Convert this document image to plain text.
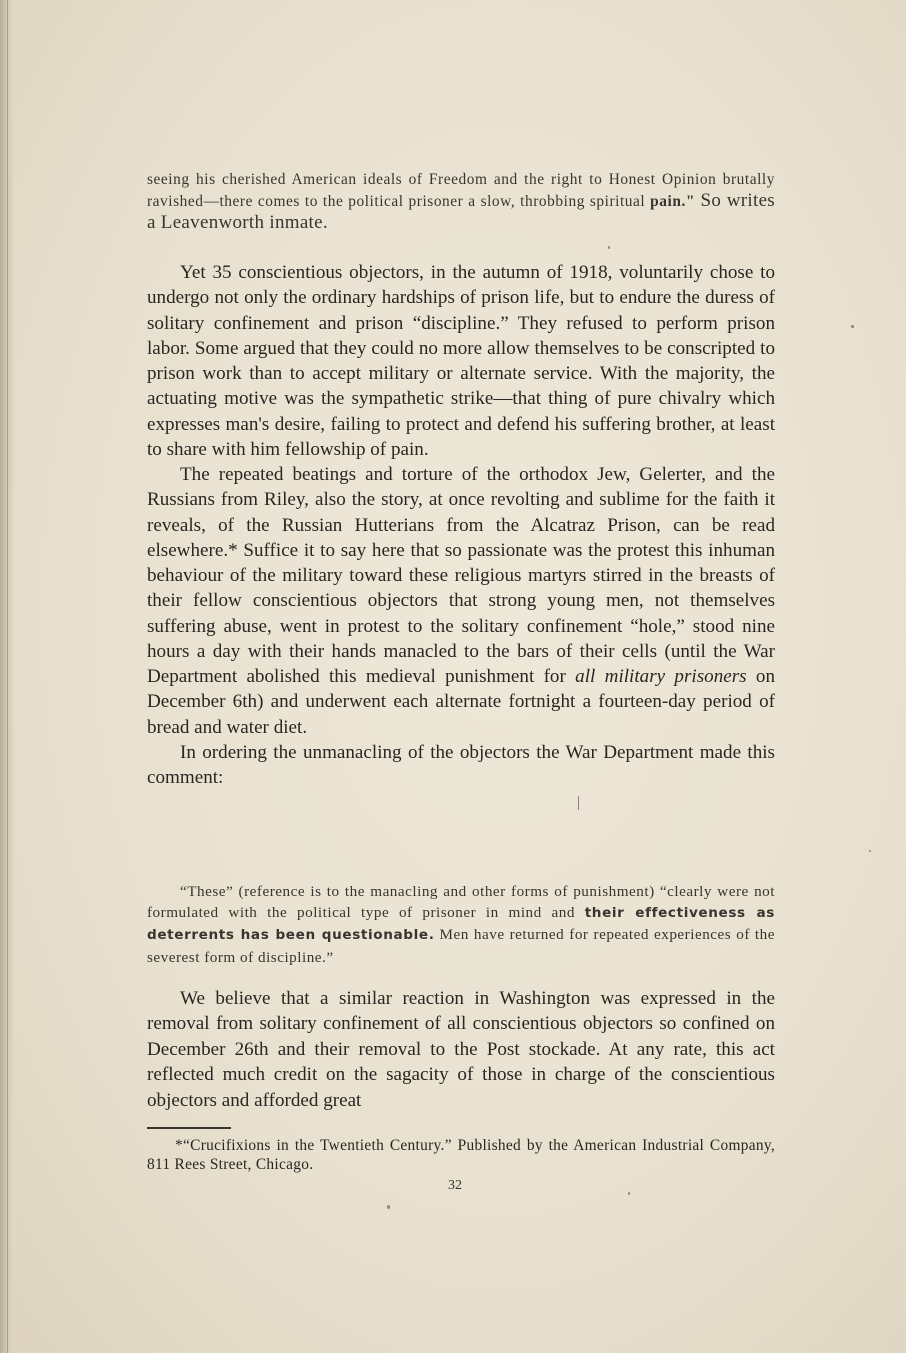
seeing his cherished American ideals of Freedom and the right to Honest Opinion brutally ravished—there comes to the political prisoner a slow, throbbing spiritual pain." So writes a Leavenworth inmate.

Yet 35 conscientious objectors, in the autumn of 1918, voluntarily chose to undergo not only the ordinary hardships of prison life, but to endure the duress of solitary confinement and prison “discipline.” They refused to perform prison labor. Some argued that they could no more allow themselves to be conscripted to prison work than to accept military or alternate service. With the majority, the actuating motive was the sympathetic strike—that thing of pure chivalry which expresses man's desire, failing to protect and defend his suffering brother, at least to share with him fellowship of pain.

The repeated beatings and torture of the orthodox Jew, Gelerter, and the Russians from Riley, also the story, at once revolting and sublime for the faith it reveals, of the Russian Hutterians from the Alcatraz Prison, can be read elsewhere.* Suffice it to say here that so passionate was the protest this inhuman behaviour of the military toward these religious martyrs stirred in the breasts of their fellow conscientious objectors that strong young men, not themselves suffering abuse, went in protest to the solitary confinement “hole,” stood nine hours a day with their hands manacled to the bars of their cells (until the War Department abolished this medieval punishment for all military prisoners on December 6th) and underwent each alternate fortnight a fourteen-day period of bread and water diet.

In ordering the unmanacling of the objectors the War Department made this comment:

“These” (reference is to the manacling and other forms of punishment) “clearly were not formulated with the political type of prisoner in mind and their effectiveness as deterrents has been questionable. Men have returned for repeated experiences of the severest form of discipline.”

We believe that a similar reaction in Washington was expressed in the removal from solitary confinement of all conscientious objectors so confined on December 26th and their removal to the Post stockade. At any rate, this act reflected much credit on the sagacity of those in charge of the conscientious objectors and afforded great

*“Crucifixions in the Twentieth Century.” Published by the American Industrial Company, 811 Rees Street, Chicago.

32
